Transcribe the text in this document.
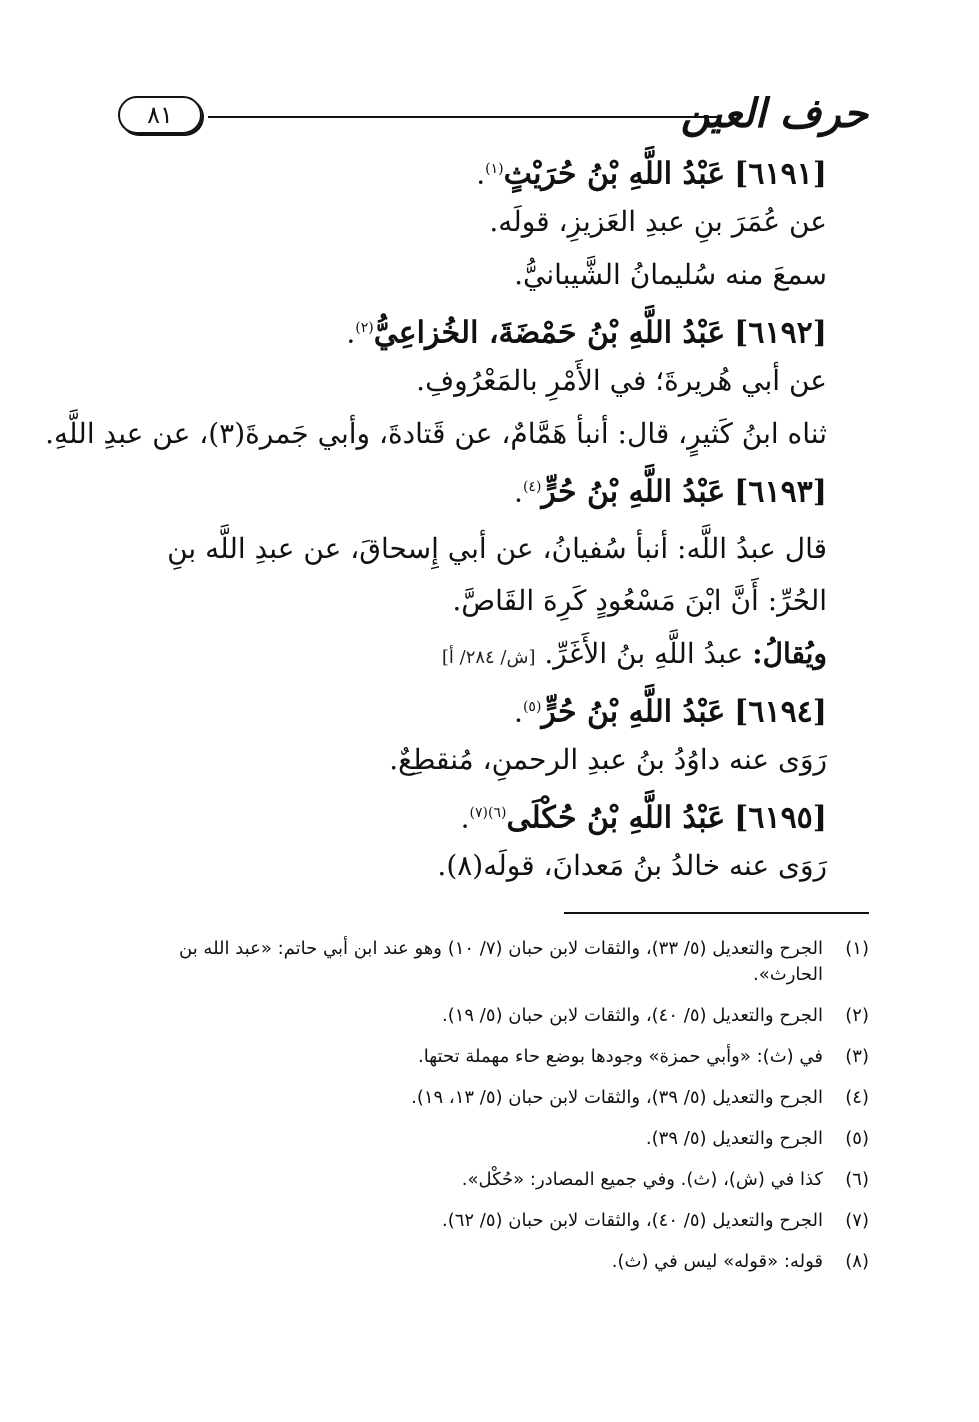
حرف العين
٨١

[٦١٩١] عَبْدُ اللَّهِ بْنُ حُرَيْثٍ$^{(١)}$.

عن عُمَرَ بنِ عبدِ العَزيزِ، قولَه.

سمعَ منه سُليمانُ الشَّيبانيُّ.

[٦١٩٢] عَبْدُ اللَّهِ بْنُ حَمْضَةَ، الخُزاعِيُّ$^{(٢)}$.

عن أبي هُريرةَ؛ في الأَمْرِ بالمَعْرُوفِ.

ثناه ابنُ كَثيرٍ، قال: أنبأ هَمَّامٌ، عن قَتادةَ، وأبي جَمرةَ(٣)، عن عبدِ اللَّهِ.

[٦١٩٣] عَبْدُ اللَّهِ بْنُ حُرٍّ$^{(٤)}$.

قال عبدُ اللَّه: أنبأ سُفيانُ، عن أبي إِسحاقَ، عن عبدِ اللَّه بنِ الحُرِّ: أَنَّ ابْنَ مَسْعُودٍ كَرِهَ القَاصَّ.

ويُقالُ: عبدُ اللَّهِ بنُ الأَغَرِّ. [ش/ ٢٨٤/ أ]

[٦١٩٤] عَبْدُ اللَّهِ بْنُ حُرٍّ$^{(٥)}$.

رَوَى عنه داوُدُ بنُ عبدِ الرحمنِ، مُنقطِعٌ.

[٦١٩٥] عَبْدُ اللَّهِ بْنُ حُكْلَى$^{(٦)(٧)}$.

رَوَى عنه خالدُ بنُ مَعدانَ، قولَه(٨).

(١)
الجرح والتعديل (٥/ ٣٣)، والثقات لابن حبان (٧/ ١٠) وهو عند ابن أبي حاتم: «عبد الله بن الحارث».
(٢)
الجرح والتعديل (٥/ ٤٠)، والثقات لابن حبان (٥/ ١٩).
(٣)
في (ث): «وأبي حمزة» وجودها بوضع حاء مهملة تحتها.
(٤)
الجرح والتعديل (٥/ ٣٩)، والثقات لابن حبان (٥/ ١٣، ١٩).
(٥)
الجرح والتعديل (٥/ ٣٩).
(٦)
كذا في (ش)، (ث). وفي جميع المصادر: «حُكْل».
(٧)
الجرح والتعديل (٥/ ٤٠)، والثقات لابن حبان (٥/ ٦٢).
(٨)
قوله: «قوله» ليس في (ث).
